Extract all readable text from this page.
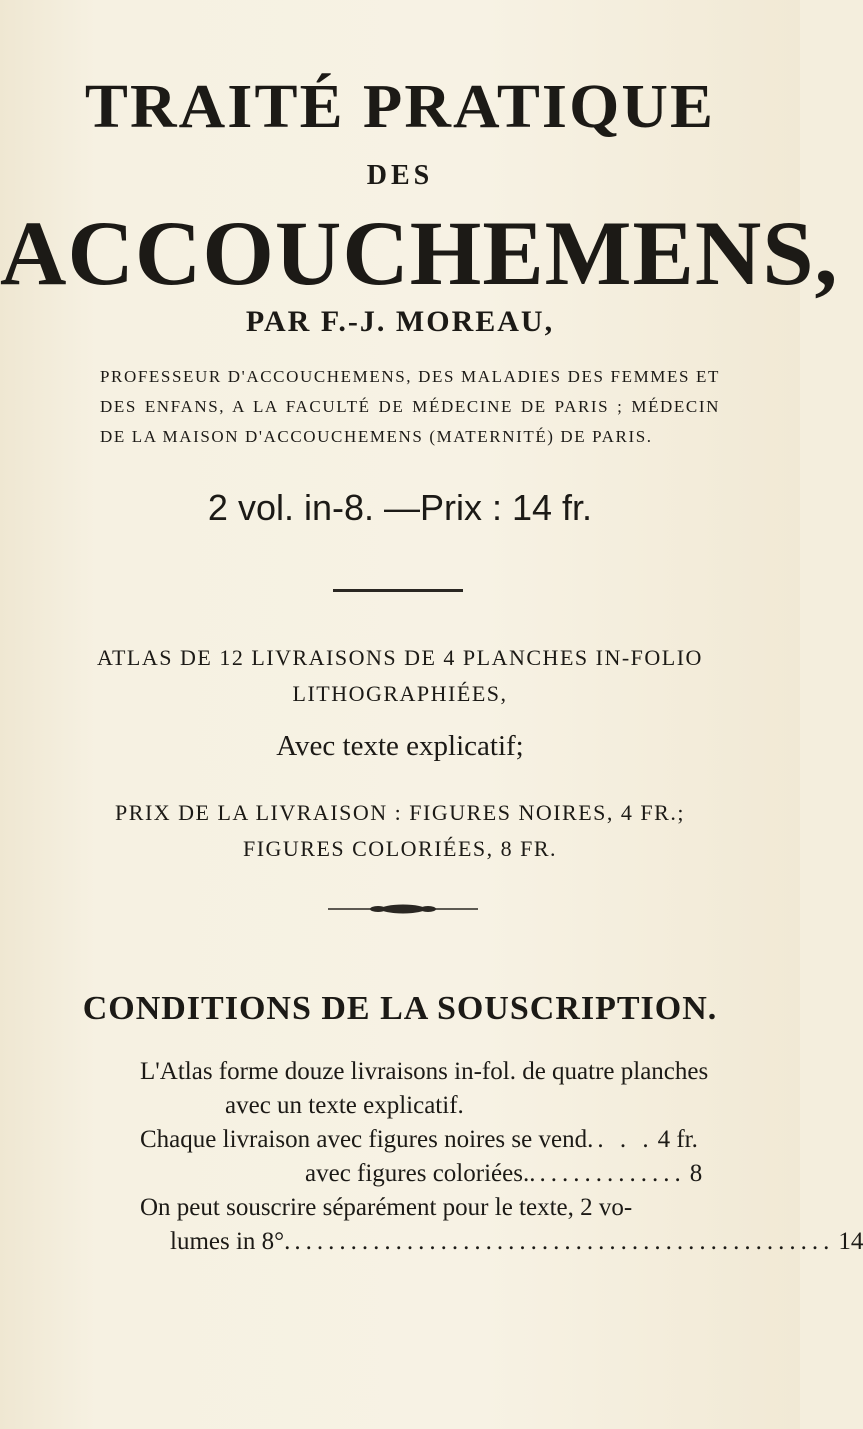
TRAITÉ PRATIQUE
DES
ACCOUCHEMENS,
PAR F.-J. MOREAU,
PROFESSEUR D'ACCOUCHEMENS, DES MALADIES DES FEMMES ET DES ENFANS, A LA FACULTÉ DE MÉDECINE DE PARIS ; MÉDECIN DE LA MAISON D'ACCOUCHEMENS (MATERNITÉ) DE PARIS.
2 vol. in-8. —Prix : 14 fr.
ATLAS DE 12 LIVRAISONS DE 4 PLANCHES IN-FOLIO
LITHOGRAPHIÉES,
Avec texte explicatif;
PRIX DE LA LIVRAISON : FIGURES NOIRES, 4 FR.;
FIGURES COLORIÉES, 8 FR.
CONDITIONS DE LA SOUSCRIPTION.
L'Atlas forme douze livraisons in-fol. de quatre planches
avec un texte explicatif.
Chaque livraison avec figures noires se vend. . . . 4 fr.
avec figures coloriées.. ............. 8
On peut souscrire séparément pour le texte, 2 vo-
lumes in 8°. ................................................ 14
